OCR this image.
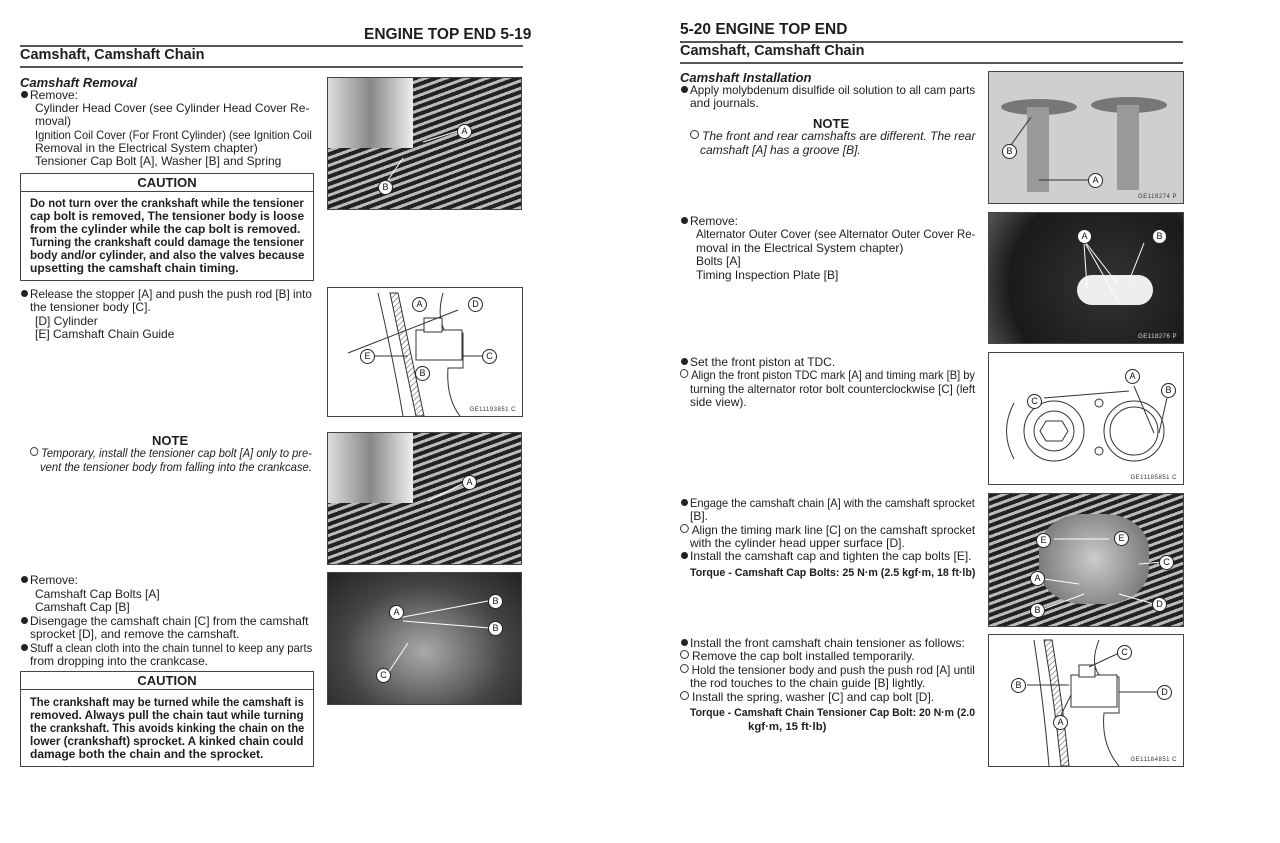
ENGINE TOP END 5-19
Camshaft, Camshaft Chain
Camshaft Removal
Remove:
Cylinder Head Cover (see Cylinder Head Cover Re-
moval)
Ignition Coil Cover (For Front Cylinder) (see Ignition Coil
Removal in the Electrical System chapter)
Tensioner Cap Bolt [A], Washer [B] and Spring
CAUTION
Do not turn over the crankshaft while the tensioner
cap bolt is removed, The tensioner body is loose
from the cylinder while the cap bolt is removed.
Turning the crankshaft could damage the tensioner
body and/or cylinder, and also the valves because
upsetting the camshaft chain timing.
Release the stopper [A] and push the push rod [B] into
the tensioner body [C].
[D] Cylinder
[E] Camshaft Chain Guide
NOTE
Temporary, install the tensioner cap bolt [A] only to pre-
vent the tensioner body from falling into the crankcase.
Remove:
Camshaft Cap Bolts [A]
Camshaft Cap [B]
Disengage the camshaft chain [C] from the camshaft
sprocket [D], and remove the camshaft.
Stuff a clean cloth into the chain tunnel to keep any parts
from dropping into the crankcase.
CAUTION
The crankshaft may be turned while the camshaft is
removed. Always pull the chain taut while turning
the crankshaft. This avoids kinking the chain on the
lower (crankshaft) sprocket. A kinked chain could
damage both the chain and the sprocket.
A
B
A	D
E	C
B
GE11193851 C
A
A
B
B
C
5-20 ENGINE TOP END
Camshaft, Camshaft Chain
Camshaft Installation
Apply molybdenum disulfide oil solution to all cam parts
and journals.
NOTE
The front and rear camshafts are different. The rear
camshaft [A] has a groove [B].
Remove:
Alternator Outer Cover (see Alternator Outer Cover Re-
moval in the Electrical System chapter)
Bolts [A]
Timing Inspection Plate [B]
Set the front piston at TDC.
Align the front piston TDC mark [A] and timing mark [B] by
turning the alternator rotor bolt counterclockwise [C] (left
side view).
Engage the camshaft chain [A] with the camshaft sprocket
[B].
Align the timing mark line [C] on the camshaft sprocket
with the cylinder head upper surface [D].
Install the camshaft cap and tighten the cap bolts [E].
Torque - Camshaft Cap Bolts: 25 N·m (2.5 kgf·m, 18 ft·lb)
Install the front camshaft chain tensioner as follows:
Remove the cap bolt installed temporarily.
Hold the tensioner body and push the push rod [A] until
the rod touches to the chain guide [B] lightly.
Install the spring, washer [C] and cap bolt [D].
Torque - Camshaft Chain Tensioner Cap Bolt: 20 N·m (2.0
kgf·m, 15 ft·lb)
B
A
GE118274 P
A	B
GE118276 P
A
B
C
GE11185851 C
E	E
C
A
D
B
C
B
D
A
GE11184851 C
